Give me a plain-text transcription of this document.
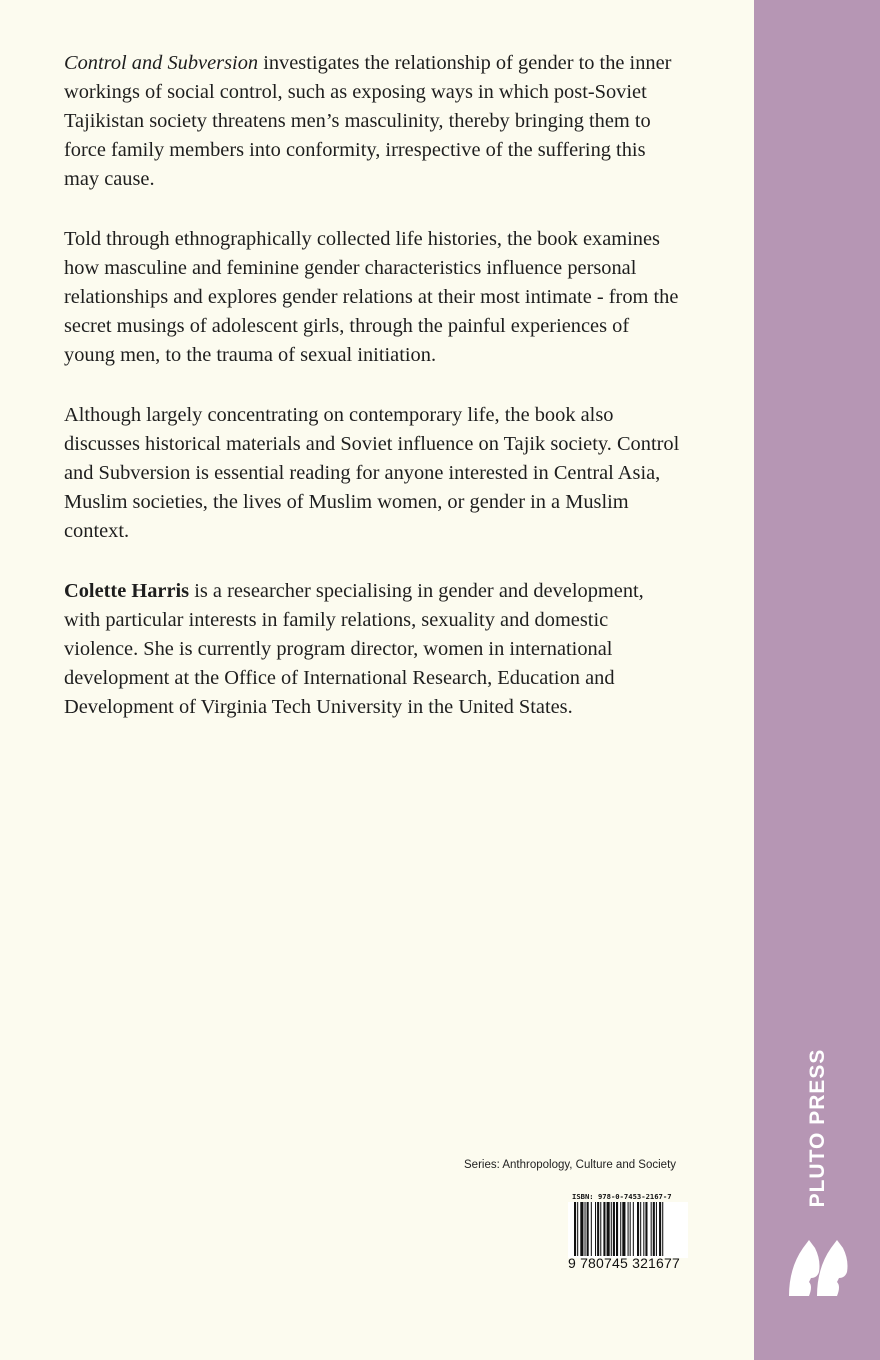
Control and Subversion investigates the relationship of gender to the inner workings of social control, such as exposing ways in which post-Soviet Tajikistan society threatens men’s masculinity, thereby bringing them to force family members into conformity, irrespective of the suffering this may cause.

Told through ethnographically collected life histories, the book examines how masculine and feminine gender characteristics influence personal relationships and explores gender relations at their most intimate - from the secret musings of adolescent girls, through the painful experiences of young men, to the trauma of sexual initiation.

Although largely concentrating on contemporary life, the book also discusses historical materials and Soviet influence on Tajik society. Control and Subversion is essential reading for anyone interested in Central Asia, Muslim societies, the lives of Muslim women, or gender in a Muslim context.

Colette Harris is a researcher specialising in gender and development, with particular interests in family relations, sexuality and domestic violence. She is currently program director, women in international development at the Office of International Research, Education and Development of Virginia Tech University in the United States.

Series: Anthropology, Culture and Society
ISBN: 978-0-7453-2167-7
9 780745 321677
PLUTO PRESS
